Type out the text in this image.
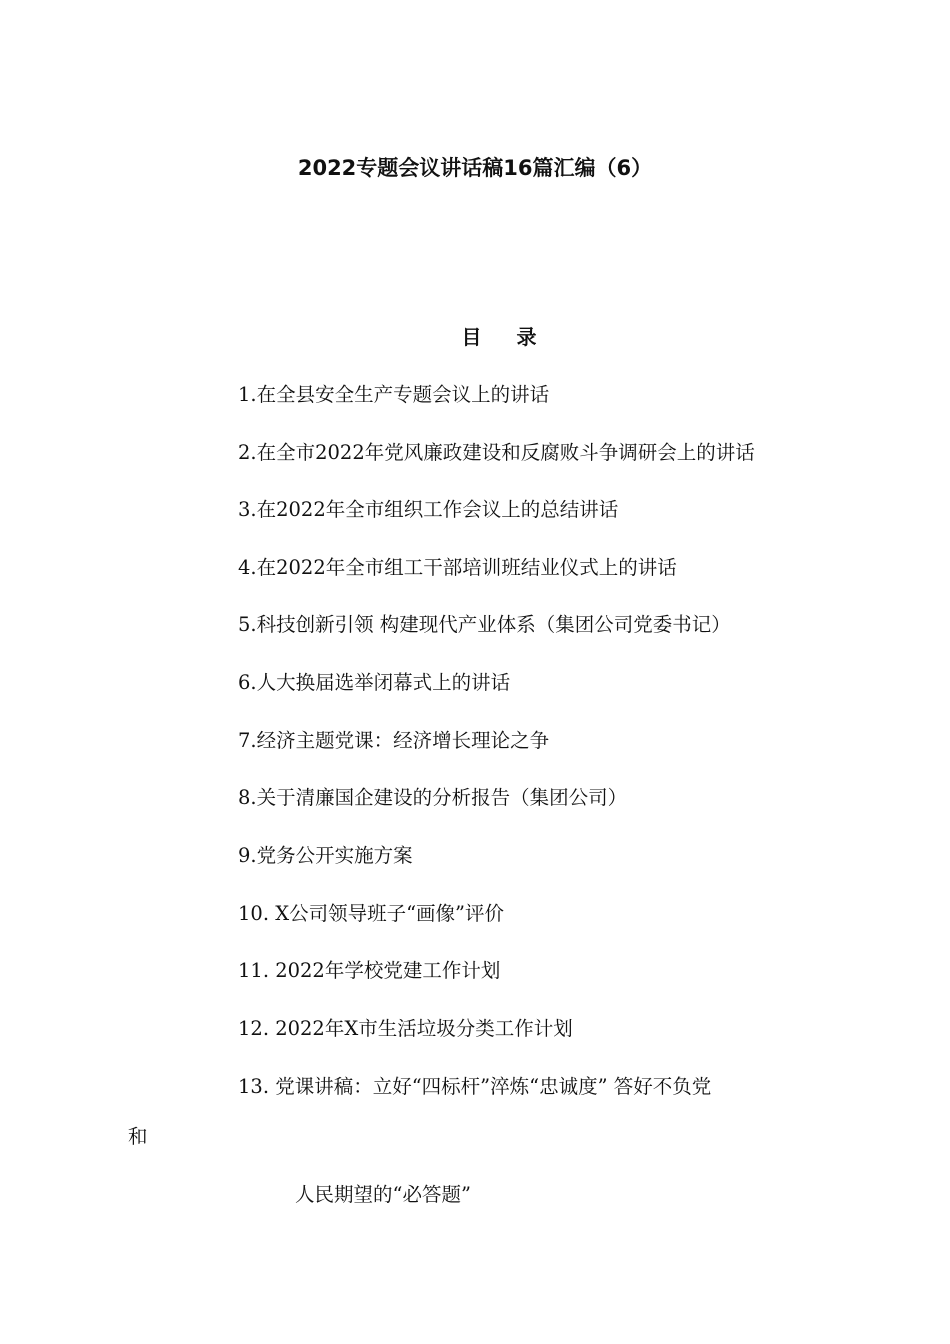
2022专题会议讲话稿16篇汇编（6）
目 录
1.在全县安全生产专题会议上的讲话
2.在全市2022年党风廉政建设和反腐败斗争调研会上的讲话
3.在2022年全市组织工作会议上的总结讲话
4.在2022年全市组工干部培训班结业仪式上的讲话
5.科技创新引领 构建现代产业体系（集团公司党委书记）
6.人大换届选举闭幕式上的讲话
7.经济主题党课：经济增长理论之争
8.关于清廉国企建设的分析报告（集团公司）
9.党务公开实施方案
10. X公司领导班子“画像”评价
11. 2022年学校党建工作计划
12. 2022年X市生活垃圾分类工作计划
13. 党课讲稿：立好“四标杆”淬炼“忠诚度” 答好不负党
和
人民期望的“必答题”
